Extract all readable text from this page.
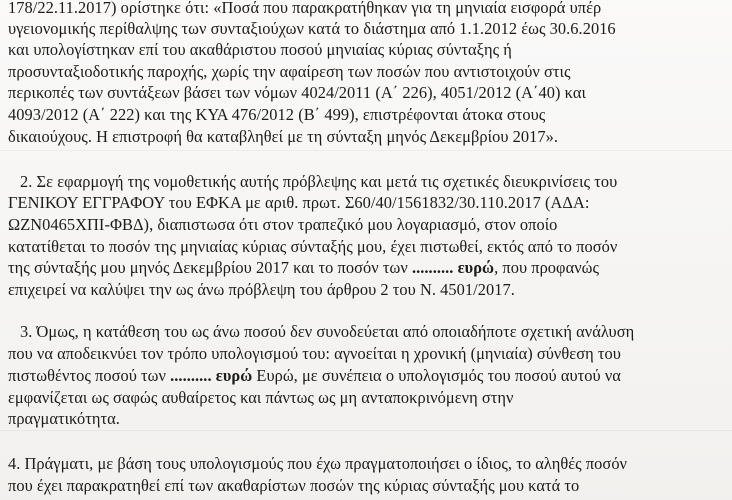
178/22.11.2017) ορίστηκε ότι: «Ποσά που παρακρατήθηκαν για τη μηνιαία εισφορά υπέρ
υγειονομικής περίθαλψης των συνταξιούχων κατά το διάστημα από 1.1.2012 έως 30.6.2016
και υπολογίστηκαν επί του ακαθάριστου ποσού μηνιαίας κύριας σύνταξης ή
προσυνταξιοδοτικής παροχής, χωρίς την αφαίρεση των ποσών που αντιστοιχούν στις
περικοπές των συντάξεων βάσει των νόμων 4024/2011 (Α΄ 226), 4051/2012 (Α΄40) και
4093/2012 (Α΄ 222) και της ΚΥΑ 476/2012 (Β΄ 499), επιστρέφονται άτοκα στους
δικαιούχους. Η επιστροφή θα καταβληθεί με τη σύνταξη μηνός Δεκεμβρίου 2017».
2. Σε εφαρμογή της νομοθετικής αυτής πρόβλεψης και μετά τις σχετικές διευκρινίσεις του
ΓΕΝΙΚΟΥ ΕΓΓΡΑΦΟΥ του ΕΦΚΑ με αριθ. πρωτ. Σ60/40/1561832/30.110.2017 (ΑΔΑ:
ΩΖΝ0465ΧΠΙ-ΦΒΔ), διαπιστωσα ότι στον τραπεζικό μου λογαριασμό, στον οποίο
κατατίθεται το ποσόν της μηνιαίας κύριας σύνταξής μου, έχει πιστωθεί, εκτός από το ποσόν
της σύνταξής μου μηνός Δεκεμβρίου 2017 και το ποσόν των .......... ευρώ, που προφανώς
επιχειρεί να καλύψει την ως άνω πρόβλεψη του άρθρου 2 του Ν. 4501/2017.
3. Όμως, η κατάθεση του ως άνω ποσού δεν συνοδεύεται από οποιαδήποτε σχετική ανάλυση
που να αποδεικνύει τον τρόπο υπολογισμού του: αγνοείται η χρονική (μηνιαία) σύνθεση του
πιστωθέντος ποσού των .......... ευρώ Ευρώ, με συνέπεια ο υπολογισμός του ποσού αυτού να
εμφανίζεται ως σαφώς αυθαίρετος και πάντως ως μη ανταποκρινόμενη στην
πραγματικότητα.
4. Πράγματι, με βάση τους υπολογισμούς που έχω πραγματοποιήσει ο ίδιος, το αληθές ποσόν
που έχει παρακρατηθεί επί των ακαθαρίστων ποσών της κύριας σύνταξής μου κατά το
